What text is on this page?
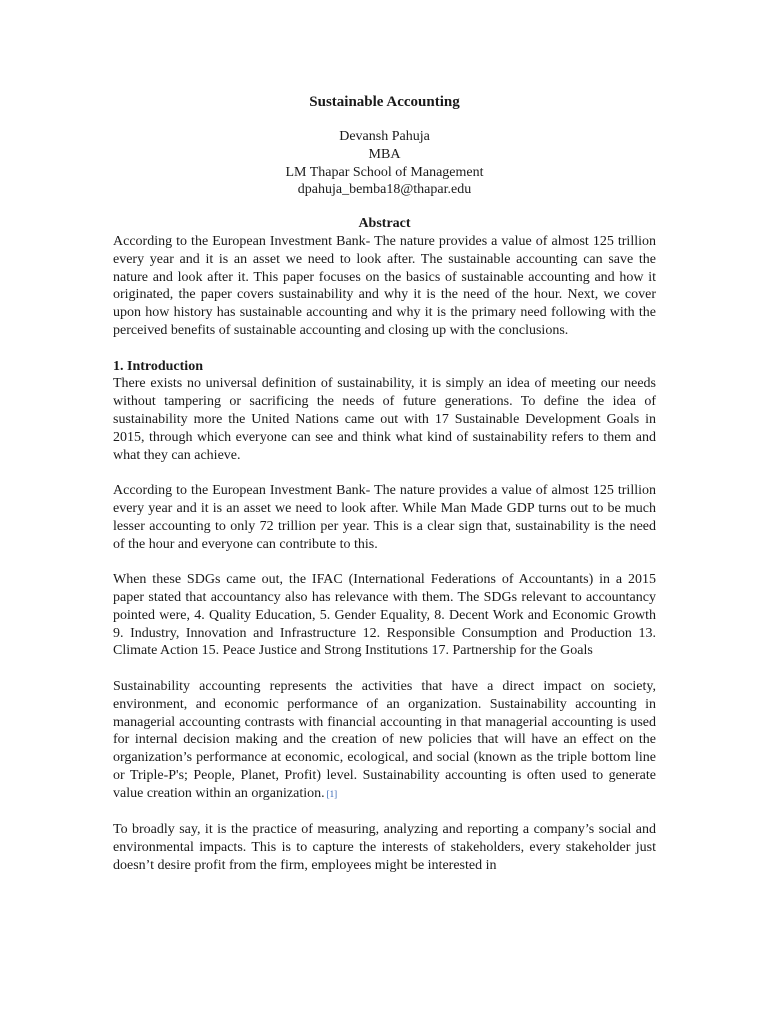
Sustainable Accounting
Devansh Pahuja
MBA
LM Thapar School of Management
dpahuja_bemba18@thapar.edu
Abstract

According to the European Investment Bank- The nature provides a value of almost 125 trillion every year and it is an asset we need to look after. The sustainable accounting can save the nature and look after it. This paper focuses on the basics of sustainable accounting and how it originated, the paper covers sustainability and why it is the need of the hour. Next, we cover upon how history has sustainable accounting and why it is the primary need following with the perceived benefits of sustainable accounting and closing up with the conclusions.

1. Introduction

There exists no universal definition of sustainability, it is simply an idea of meeting our needs without tampering or sacrificing the needs of future generations. To define the idea of sustainability more the United Nations came out with 17 Sustainable Development Goals in 2015, through which everyone can see and think what kind of sustainability refers to them and what they can achieve.

According to the European Investment Bank- The nature provides a value of almost 125 trillion every year and it is an asset we need to look after. While Man Made GDP turns out to be much lesser accounting to only 72 trillion per year. This is a clear sign that, sustainability is the need of the hour and everyone can contribute to this.

When these SDGs came out, the IFAC (International Federations of Accountants) in a 2015 paper stated that accountancy also has relevance with them. The SDGs relevant to accountancy pointed were, 4. Quality Education, 5. Gender Equality, 8. Decent Work and Economic Growth 9. Industry, Innovation and Infrastructure 12. Responsible Consumption and Production 13. Climate Action 15. Peace Justice and Strong Institutions 17. Partnership for the Goals

Sustainability accounting represents the activities that have a direct impact on society, environment, and economic performance of an organization. Sustainability accounting in managerial accounting contrasts with financial accounting in that managerial accounting is used for internal decision making and the creation of new policies that will have an effect on the organization’s performance at economic, ecological, and social (known as the triple bottom line or Triple-P's; People, Planet, Profit) level. Sustainability accounting is often used to generate value creation within an organization. [1]

To broadly say, it is the practice of measuring, analyzing and reporting a company’s social and environmental impacts. This is to capture the interests of stakeholders, every stakeholder just doesn’t desire profit from the firm, employees might be interested in
